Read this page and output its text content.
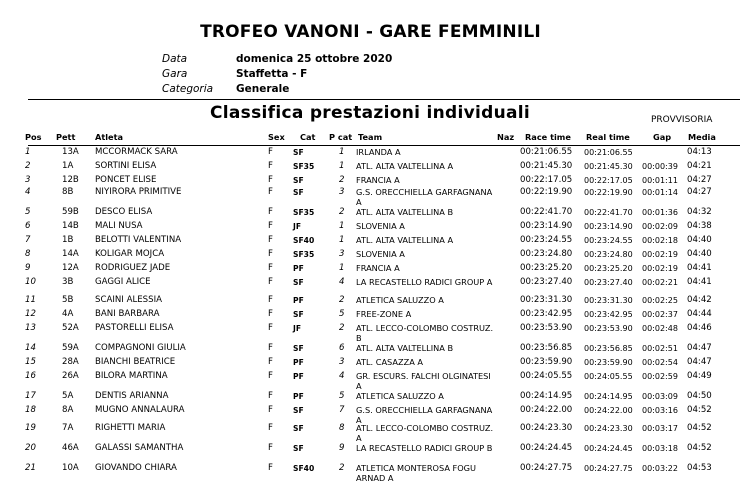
TROFEO VANONI - GARE FEMMINILI
Data	domenica 25 ottobre 2020
Gara	Staffetta - F
Categoria Generale
Classifica prestazioni individuali	PROVVISORIA
Pos Pett Atleta	Sex Cat P cat Team	Naz Race time Real time	Gap Media
1	13A MCCORMACK SARA	F	SF	1 IRLANDA A	00:21:06.55 00:21:06.55	04:13
2	1A	SORTINI ELISA	F	SF35	1 ATL. ALTA VALTELLINA A	00:21:45.30 00:21:45.30 00:00:39 04:21
3	12B PONCET ELISE	F	SF	2 FRANCIA A	00:22:17.05 00:22:17.05 00:01:11 04:27
4	8B	NIYIRORA PRIMITIVE	F	SF	3 G.S. ORECCHIELLA GARFAGNANA A
00:22:19.90 00:22:19.90 00:01:14 04:27
5	59B DESCO ELISA	F	SF35	2 ATL. ALTA VALTELLINA B	00:22:41.70 00:22:41.70 00:01:36 04:32
6	14B MALI NUSA	F	JF	1 SLOVENIA A	00:23:14.90 00:23:14.90 00:02:09 04:38
7	1B	BELOTTI VALENTINA	F	SF40	1 ATL. ALTA VALTELLINA A	00:23:24.55 00:23:24.55 00:02:18 04:40
8	14A KOLIGAR MOJCA	F	SF35	3 SLOVENIA A	00:23:24.80 00:23:24.80 00:02:19 04:40
9	12A RODRIGUEZ JADE	F	PF	1 FRANCIA A	00:23:25.20 00:23:25.20 00:02:19 04:41
10	3B	GAGGI ALICE	F	SF	4 LA RECASTELLO RADICI GROUP A	00:23:27.40 00:23:27.40 00:02:21 04:41
11	5B	SCAINI ALESSIA	F	PF	2 ATLETICA SALUZZO A	00:23:31.30 00:23:31.30 00:02:25 04:42
12	4A	BANI BARBARA	F	SF	5 FREE-ZONE A	00:23:42.95 00:23:42.95 00:02:37 04:44
13	52A PASTORELLI ELISA	F	JF	2 ATL. LECCO-COLOMBO COSTRUZ. B
00:23:53.90 00:23:53.90 00:02:48 04:46
14	59A COMPAGNONI GIULIA	F	SF	6 ATL. ALTA VALTELLINA B	00:23:56.85 00:23:56.85 00:02:51 04:47
15	28A BIANCHI BEATRICE	F	PF	3 ATL. CASAZZA A	00:23:59.90 00:23:59.90 00:02:54 04:47
16	26A BILORA MARTINA	F	PF	4 GR. ESCURS. FALCHI OLGINATESI A
00:24:05.55 00:24:05.55 00:02:59 04:49
17	5A	DENTIS ARIANNA	F	PF	5 ATLETICA SALUZZO A	00:24:14.95 00:24:14.95 00:03:09 04:50
18	8A	MUGNO ANNALAURA	F	SF	7 G.S. ORECCHIELLA GARFAGNANA A
00:24:22.00 00:24:22.00 00:03:16 04:52
19	7A	RIGHETTI MARIA	F	SF	8 ATL. LECCO-COLOMBO COSTRUZ. A
00:24:23.30 00:24:23.30 00:03:17 04:52
20	46A GALASSI SAMANTHA	F	SF	9 LA RECASTELLO RADICI GROUP B	00:24:24.45 00:24:24.45 00:03:18 04:52
21	10A GIOVANDO CHIARA	F	SF40	2 ATLETICA MONTEROSA FOGU ARNAD A
00:24:27.75 00:24:27.75 00:03:22 04:53
